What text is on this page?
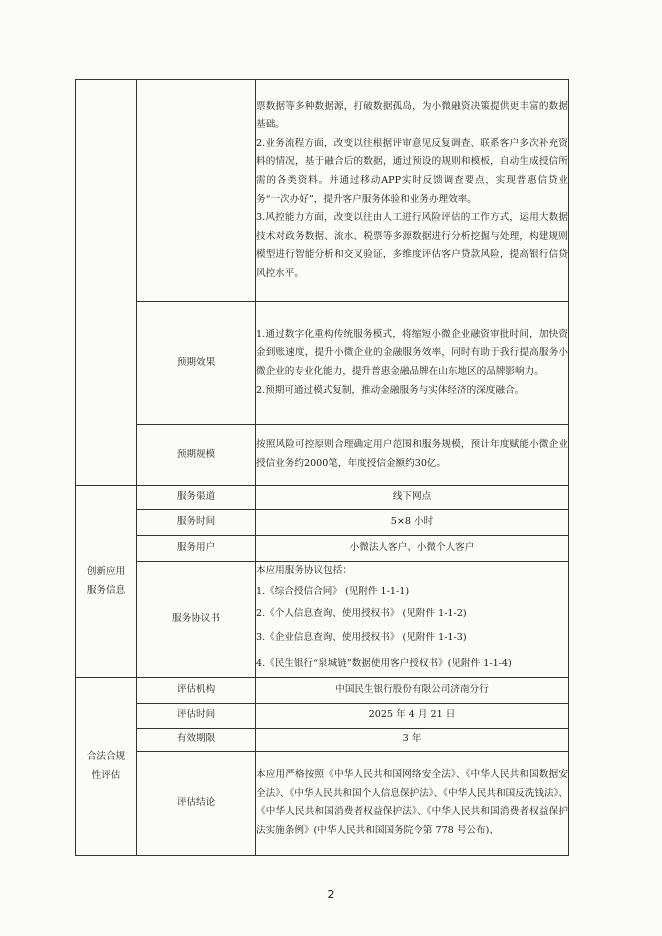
		票数据等多种数据源，打破数据孤岛，为小微融资决策提供更丰富的数据基础。

2.业务流程方面，改变以往根据评审意见反复调查、联系客户多次补充资料的情况，基于融合后的数据，通过预设的规则和模板，自动生成授信所需的各类资料。并通过移动APP实时反馈调查要点，实现普惠信贷业务“一次办好”，提升客户服务体验和业务办理效率。

3.风控能力方面，改变以往由人工进行风险评估的工作方式，运用大数据技术对政务数据、流水、税票等多源数据进行分析挖掘与处理，构建规则模型进行智能分析和交叉验证，多维度评估客户贷款风险，提高银行信贷风控水平。

	预期效果	1.通过数字化重构传统服务模式，将缩短小微企业融资审批时间，加快资金到账速度，提升小微企业的金融服务效率，同时有助于我行提高服务小微企业的专业化能力，提升普惠金融品牌在山东地区的品牌影响力。

2.预期可通过模式复制，推动金融服务与实体经济的深度融合。

	预期规模	按照风险可控原则合理确定用户范围和服务规模，预计年度赋能小微企业授信业务约2000笔，年度授信金额约30亿。

创新应用
服务信息	服务渠道	线下网点
	服务时间	5×8 小时
	服务用户	小微法人客户、小微个人客户
	服务协议书	本应用服务协议包括：

1.《综合授信合同》 (见附件 1-1-1)

2.《个人信息查询、使用授权书》 (见附件 1-1-2)

3.《企业信息查询、使用授权书》 (见附件 1-1-3)

4.《民生银行“泉城链”数据使用客户授权书》(见附件 1-1-4)

合法合规
性评估	评估机构	中国民生银行股份有限公司济南分行
	评估时间	2025 年 4 月 21 日
	有效期限	3 年
	评估结论	本应用严格按照《中华人民共和国网络安全法》、《中华人民共和国数据安全法》、《中华人民共和国个人信息保护法》、《中华人民共和国反洗钱法》、《中华人民共和国消费者权益保护法》、《中华人民共和国消费者权益保护法实施条例》(中华人民共和国国务院令第 778 号公布)、

2
